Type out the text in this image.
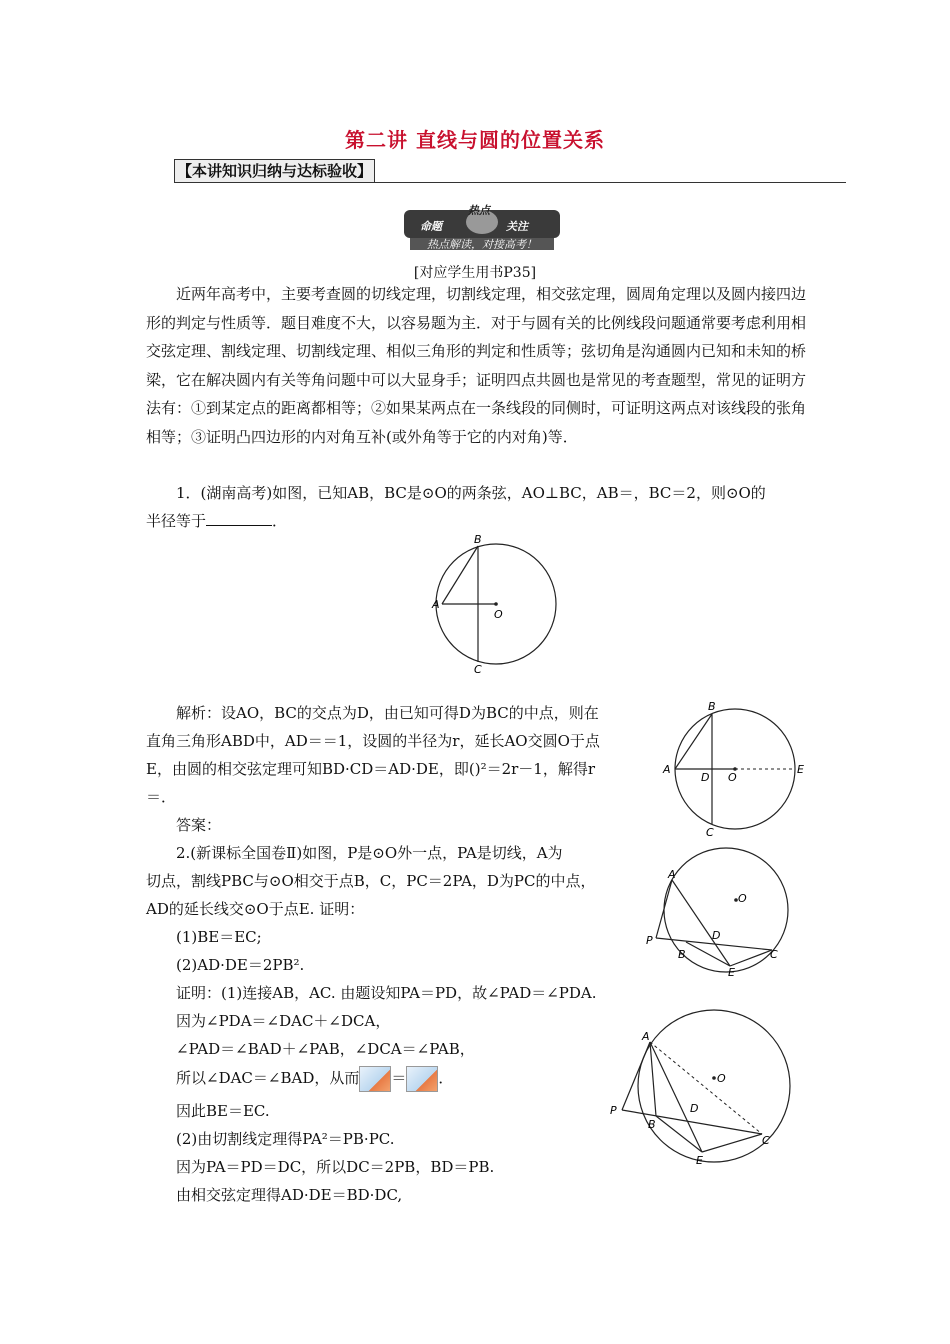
第二讲 直线与圆的位置关系
【本讲知识归纳与达标验收】
命题
热点
关注
热点解读，对接高考！
[对应学生用书P35]
近两年高考中，主要考查圆的切线定理，切割线定理，相交弦定理，圆周角定理以及圆内接四边形的判定与性质等．题目难度不大，以容易题为主．对于与圆有关的比例线段问题通常要考虑利用相交弦定理、割线定理、切割线定理、相似三角形的判定和性质等；弦切角是沟通圆内已知和未知的桥梁，它在解决圆内有关等角问题中可以大显身手；证明四点共圆也是常见的考查题型，常见的证明方法有：①到某定点的距离都相等；②如果某两点在一条线段的同侧时，可证明这两点对该线段的张角相等；③证明凸四边形的内对角互补(或外角等于它的内对角)等．
1．(湖南高考)如图，已知AB，BC是⊙O的两条弦，AO⊥BC，AB＝，BC＝2，则⊙O的
半径等于	．
B
A
O
C
解析：设AO，BC的交点为D，由已知可得D为BC的中点，则在
直角三角形ABD中，AD＝＝1，设圆的半径为r，延长AO交圆O于点
E，由圆的相交弦定理可知BD·CD＝AD·DE，即()²＝2r－1，解得r
＝．
答案：
B
A
D O
E
C
2.(新课标全国卷Ⅱ)如图，P是⊙O外一点，PA是切线，A为
切点，割线PBC与⊙O相交于点B，C，PC＝2PA，D为PC的中点，
AD的延长线交⊙O于点E. 证明：
(1)BE＝EC;
(2)AD·DE＝2PB².
A
O
D
P
B
E
C
证明：(1)连接AB，AC. 由题设知PA＝PD，故∠PAD＝∠PDA.
因为∠PDA＝∠DAC＋∠DCA，
∠PAD＝∠BAD＋∠PAB，∠DCA＝∠PAB，
所以∠DAC＝∠BAD，从而 ＝ ．
因此BE＝EC.
(2)由切割线定理得PA²＝PB·PC.
因为PA＝PD＝DC，所以DC＝2PB，BD＝PB.
由相交弦定理得AD·DE＝BD·DC,
A
O
D
P
B
E
C
